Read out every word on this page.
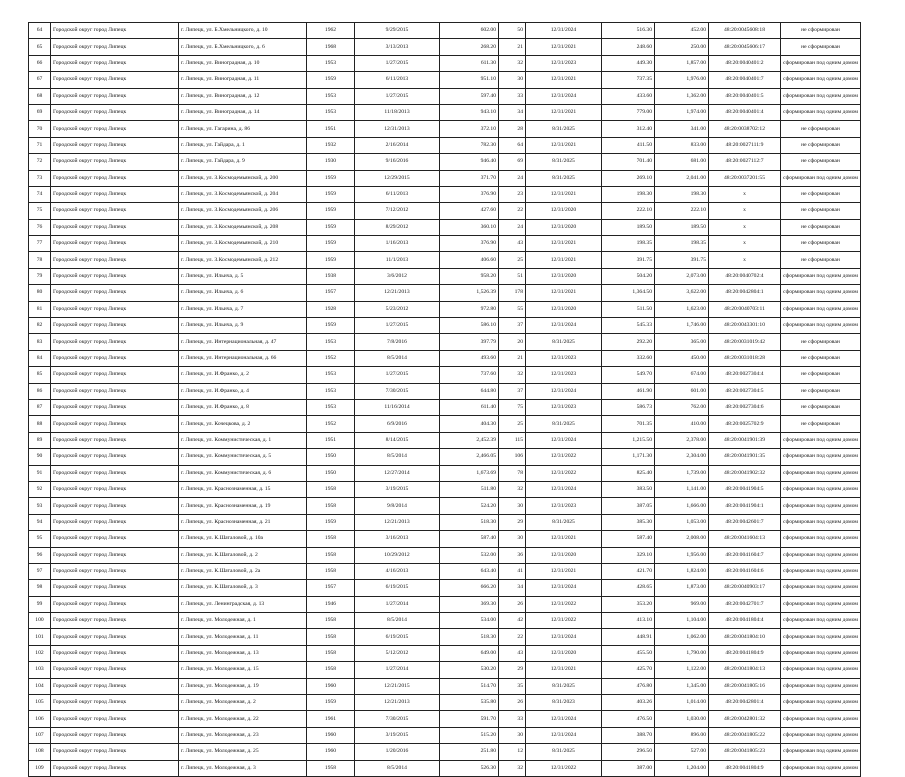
64	Городской округ город Липецк	г. Липецк, ул. Б.Хмельницкого, д. 10	1962	9/29/2015	602.00	50	12/31/2024	516.30	452.00	48:20:0045608:18	не сформирован
65	Городской округ город Липецк	г. Липецк, ул. Б.Хмельницкого, д. 6	1968	3/13/2013	268.20	21	12/31/2021	248.60	250.00	48:20:0045606:17	не сформирован
66	Городской округ город Липецк	г. Липецк, ул. Виноградная, д. 10	1953	1/27/2015	611.30	32	12/31/2023	449.30	1,857.00	48:20:0040401:2	сформирован под одним домом
67	Городской округ город Липецк	г. Липецк, ул. Виноградная, д. 11	1959	6/11/2013	951.10	30	12/31/2021	737.35	1,976.00	48:20:0040401:7	сформирован под одним домом
68	Городской округ город Липецк	г. Липецк, ул. Виноградная, д. 12	1953	1/27/2015	597.40	33	12/31/2024	433.60	1,362.00	48:20:0040401:5	сформирован под одним домом
69	Городской округ город Липецк	г. Липецк, ул. Виноградная, д. 14	1953	11/18/2013	943.10	34	12/31/2021	779.00	1,974.00	48:20:0040401:4	сформирован под одним домом
70	Городской округ город Липецк	г. Липецк, ул. Гагарина, д. 86	1951	12/31/2013	372.10	28	8/31/2025	312.40	341.00	48:20:0038702:12	не сформирован
71	Городской округ город Липецк	г. Липецк, ул. Гайдара, д. 1	1932	2/16/2014	782.30	64	12/31/2021	411.50	833.00	48:20:0027111:9	не сформирован
72	Городской округ город Липецк	г. Липецк, ул. Гайдара, д. 9	1930	9/16/2016	946.40	69	8/31/2025	701.40	681.00	48:20:0027112:7	не сформирован
73	Городской округ город Липецк	г. Липецк, ул. З.Космодемьянской, д. 200	1959	12/29/2015	371.70	24	8/31/2025	269.10	2,041.00	48:20:0037201:55	сформирован под одним домом
74	Городской округ город Липецк	г. Липецк, ул. З.Космодемьянской, д. 204	1959	6/11/2013	376.90	23	12/31/2021	198.30	198.30	х	не сформирован
75	Городской округ город Липецк	г. Липецк, ул. З.Космодемьянской, д. 206	1959	7/12/2012	427.60	22	12/31/2020	222.10	222.10	х	не сформирован
76	Городской округ город Липецк	г. Липецк, ул. З.Космодемьянской, д. 208	1959	8/29/2012	360.10	24	12/31/2020	189.50	189.50	х	не сформирован
77	Городской округ город Липецк	г. Липецк, ул. З.Космодемьянской, д. 210	1959	1/16/2013	376.90	43	12/31/2021	198.35	198.35	х	не сформирован
78	Городской округ город Липецк	г. Липецк, ул. З.Космодемьянской, д. 212	1959	11/1/2013	406.60	25	12/31/2021	391.75	391.75	х	не сформирован
79	Городской округ город Липецк	г. Липецк, ул. Ильича, д. 5	1938	3/6/2012	958.20	51	12/31/2020	504.20	2,073.00	48:20:0040702:4	сформирован под одним домом
80	Городской округ город Липецк	г. Липецк, ул. Ильича, д. 6	1957	12/21/2013	1,526.39	178	12/31/2021	1,364.50	3,622.00	48:20:0042804:1	сформирован под одним домом
81	Городской округ город Липецк	г. Липецк, ул. Ильича, д. 7	1928	5/23/2012	972.80	55	12/31/2020	511.50	1,623.00	48:20:0040703:11	сформирован под одним домом
82	Городской округ город Липецк	г. Липецк, ул. Ильича, д. 9	1959	1/27/2015	586.10	37	12/31/2024	545.33	1,746.00	48:20:0043301:10	сформирован под одним домом
83	Городской округ город Липецк	г. Липецк, ул. Интернациональная, д. 47	1953	7/8/2016	397.79	20	8/31/2025	292.20	365.00	48:20:0031019:42	не сформирован
84	Городской округ город Липецк	г. Липецк, ул. Интернациональная, д. 66	1952	8/5/2014	493.60	21	12/31/2023	332.60	450.00	48:20:0031018:28	не сформирован
85	Городской округ город Липецк	г. Липецк, ул. И.Франко, д. 2	1953	1/27/2015	737.60	32	12/31/2023	549.70	674.00	48:20:0027304:4	не сформирован
86	Городской округ город Липецк	г. Липецк, ул. И.Франко, д. 4	1953	7/30/2015	644.80	37	12/31/2024	461.90	601.00	48:20:0027304:5	не сформирован
87	Городской округ город Липецк	г. Липецк, ул. И.Франко, д. 8	1953	11/16/2014	611.40	75	12/31/2023	586.73	762.00	48:20:0027304:6	не сформирован
88	Городской округ город Липецк	г. Липецк, ул. Кочецкова, д. 2	1952	6/9/2016	404.30	25	8/31/2025	701.35	410.00	48:20:0025702:9	не сформирован
89	Городской округ город Липецк	г. Липецк, ул. Коммунистическая, д. 1	1951	8/14/2015	2,452.39	115	12/31/2024	1,215.50	2,378.00	48:20:0041901:39	сформирован под одним домом
90	Городской округ город Липецк	г. Липецк, ул. Коммунистическая, д. 5	1950	8/5/2014	2,466.05	106	12/31/2022	1,171.30	2,304.00	48:20:0041901:35	сформирован под одним домом
91	Городской округ город Липецк	г. Липецк, ул. Коммунистическая, д. 6	1950	12/27/2014	1,673.69	78	12/31/2022	825.40	1,739.00	48:20:0041902:32	сформирован под одним домом
92	Городской округ город Липецк	г. Липецк, ул. Краснознаменная, д. 15	1958	3/19/2015	511.80	32	12/31/2024	383.50	1,141.00	48:20:0041904:5	сформирован под одним домом
93	Городской округ город Липецк	г. Липецк, ул. Краснознаменная, д. 19	1958	9/8/2014	524.20	30	12/31/2023	387.05	1,666.00	48:20:0041904:1	сформирован под одним домом
94	Городской округ город Липецк	г. Липецк, ул. Краснознаменная, д. 21	1959	12/21/2013	518.30	29	8/31/2025	385.30	1,053.00	48:20:0042601:7	сформирован под одним домом
95	Городской округ город Липецк	г. Липецк, ул. К.Шаталовой, д. 10а	1958	3/16/2013	587.40	30	12/31/2021	587.40	2,008.00	48:20:0041604:13	сформирован под одним домом
96	Городской округ город Липецк	г. Липецк, ул. К.Шаталовой, д. 2	1958	10/29/2012	532.00	36	12/31/2020	329.10	1,956.00	48:20:0041604:7	сформирован под одним домом
97	Городской округ город Липецк	г. Липецк, ул. К.Шаталовой, д. 2а	1958	4/16/2013	643.40	41	12/31/2021	421.70	1,824.00	48:20:0041604:6	сформирован под одним домом
98	Городской округ город Липецк	г. Липецк, ул. К.Шаталовой, д. 3	1957	6/19/2015	666.20	34	12/31/2024	428.65	1,873.00	48:20:0040903:17	сформирован под одним домом
99	Городской округ город Липецк	г. Липецк, ул. Ленинградская, д. 13	1946	1/27/2014	369.30	26	12/31/2022	353.20	969.00	48:20:0042701:7	сформирован под одним домом
100	Городской округ город Липецк	г. Липецк, ул. Молодежная, д. 1	1958	8/5/2014	534.00	42	12/31/2022	413.10	1,104.00	48:20:0041804:4	сформирован под одним домом
101	Городской округ город Липецк	г. Липецк, ул. Молодежная, д. 11	1958	6/19/2015	518.30	22	12/31/2024	448.91	1,062.00	48:20:0041804:10	сформирован под одним домом
102	Городской округ город Липецк	г. Липецк, ул. Молодежная, д. 13	1958	5/12/2012	649.00	43	12/31/2020	455.50	1,790.00	48:20:0041804:9	сформирован под одним домом
103	Городской округ город Липецк	г. Липецк, ул. Молодежная, д. 15	1958	1/27/2014	530.20	29	12/31/2021	425.70	1,122.00	48:20:0041804:13	сформирован под одним домом
104	Городской округ город Липецк	г. Липецк, ул. Молодежная, д. 19	1960	12/21/2015	514.70	35	8/31/2025	476.80	1,345.00	48:20:0041805:16	сформирован под одним домом
105	Городской округ город Липецк	г. Липецк, ул. Молодежная, д. 2	1959	12/21/2013	535.80	26	8/31/2023	403.26	1,014.00	48:20:0042801:4	сформирован под одним домом
106	Городской округ город Липецк	г. Липецк, ул. Молодежная, д. 22	1961	7/30/2015	591.70	33	12/31/2024	476.50	1,030.00	48:20:0042801:32	сформирован под одним домом
107	Городской округ город Липецк	г. Липецк, ул. Молодежная, д. 23	1960	3/19/2015	515.20	30	12/31/2024	388.70	896.00	48:20:0041805:22	сформирован под одним домом
108	Городской округ город Липецк	г. Липецк, ул. Молодежная, д. 25	1960	1/20/2016	251.80	12	8/31/2025	296.50	527.00	48:20:0041805:23	сформирован под одним домом
109	Городской округ город Липецк	г. Липецк, ул. Молодежная, д. 3	1958	8/5/2014	526.30	32	12/31/2022	387.00	1,204.00	48:20:0041804:9	сформирован под одним домом
